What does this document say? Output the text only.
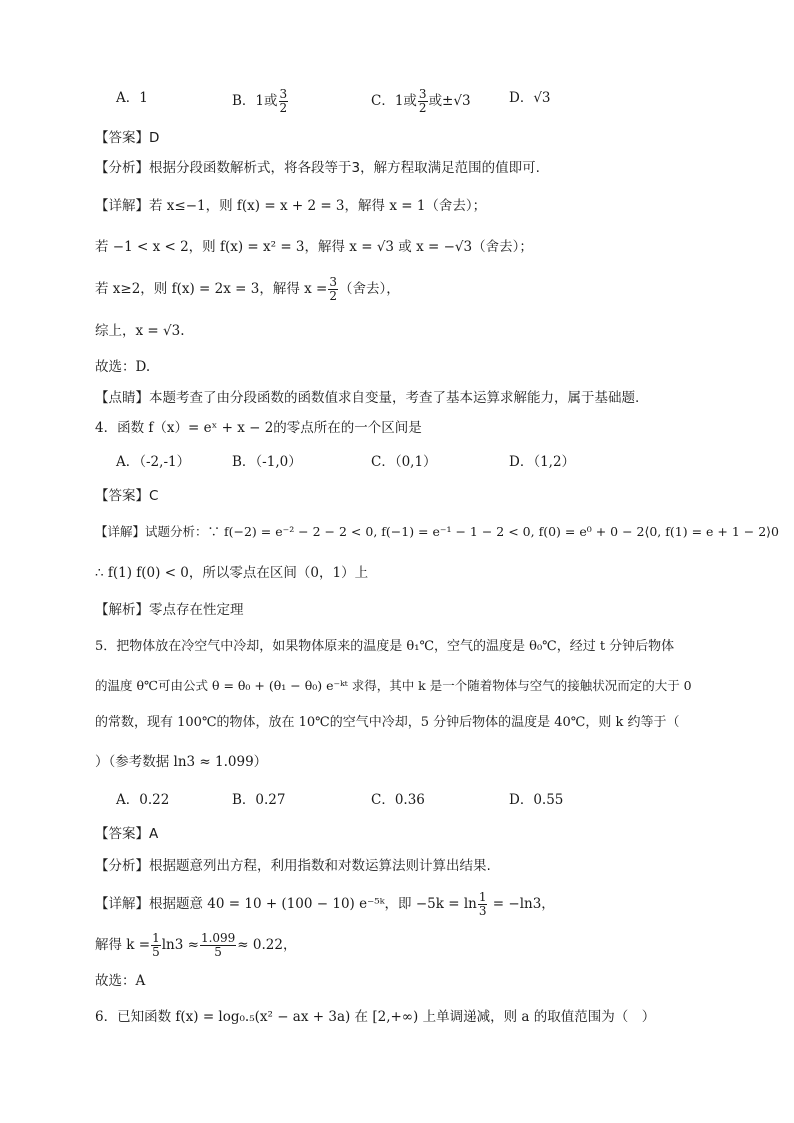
A．1	B．1或 $\frac{3}{2}$	C．1或 $\frac{3}{2}$ 或±√3	D．√3
【答案】D
【分析】根据分段函数解析式，将各段等于3，解方程取满足范围的值即可.
【详解】若 x≤−1，则 f(x) = x + 2 = 3，解得 x = 1（舍去）；
若 −1 < x < 2，则 f(x) = x² = 3，解得 x = √3 或 x = −√3（舍去）；
若 x≥2，则 f(x) = 2x = 3，解得 $x = \frac{3}{2}$ （舍去），
综上，x = √3.
故选：D.
【点睛】本题考查了由分段函数的函数值求自变量，考查了基本运算求解能力，属于基础题.
4．函数 f（x）= eˣ + x − 2的零点所在的一个区间是
A．（-2,-1）	B．（-1,0）	C．（0,1）	D．（1,2）
【答案】C
【详解】试题分析：∵ f(−2) = e⁻² − 2 − 2 < 0, f(−1) = e⁻¹ − 1 − 2 < 0, f(0) = e⁰ + 0 − 2⟨0, f(1) = e + 1 − 2⟩0
∴ f(1) f(0) < 0，所以零点在区间（0，1）上
【解析】零点存在性定理
5．把物体放在冷空气中冷却，如果物体原来的温度是 θ₁℃，空气的温度是 θ₀℃，经过 t 分钟后物体
的温度 θ℃可由公式 θ = θ₀ + (θ₁ − θ₀) e⁻ᵏᵗ 求得，其中 k 是一个随着物体与空气的接触状况而定的大于 0
的常数，现有 100℃的物体，放在 10℃的空气中冷却，5 分钟后物体的温度是 40℃，则 k 约等于（
）（参考数据 ln3 ≈ 1.099）
A．0.22	B．0.27	C．0.36	D．0.55
【答案】A
【分析】根据题意列出方程，利用指数和对数运算法则计算出结果.
【详解】根据题意 40 = 10 + (100 − 10) e⁻⁵ᵏ，即 $-5k = \ln \frac{1}{3} = -\ln 3$，
解得 $k = \frac{1}{5} \ln 3 \approx \frac{1.099}{5} \approx 0.22$，
故选：A
6．已知函数 f(x) = log₀.₅(x² − ax + 3a) 在 [2,+∞) 上单调递减，则 a 的取值范围为（　）
